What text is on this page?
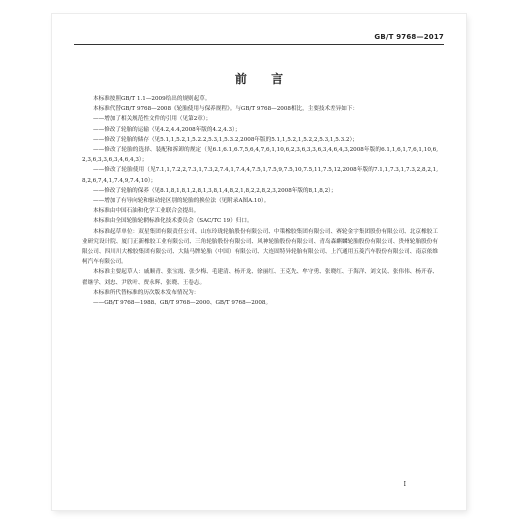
GB/T 9768—2017
前 言

本标准按照GB/T 1.1—2009给出的规则起草。

本标准代替GB/T 9768—2008《轮胎使用与保养规程》。与GB/T 9768—2008相比，主要技术差异如下：

——增加了相关规范性文件的引用（见第2章）；

——修改了轮胎的运输（见4.2,4.4,2008年版的4.2,4.3）；

——修改了轮胎的储存（见5.1,1,5.2,1,5.2.2,5.3,1,5.3.2,2008年版的5.1,1,5.2,1,5.2,2,5.3,1,5.3.2）；

——修改了轮胎的选择、装配和拆卸的规定（见6.1,6.1,6.7,5,6,4,7,6,1,10,6,2,3,6,3,3,6,3,4,6,4,3,2008年版的6.1,1,6,1,7,6,1,10,6,2,3,6,3,3,6,3,4,6,4,3）；

——修改了轮胎使用（见7.1,1,7.2,2,7.3,1,7.3,2,7.4,1,7.4,4,7.5,1,7.5,9,7.5,10,7.5,11,7.5,12,2008年版的7.1,1,7.3,1,7.3,2,8,2,1,8,2,6,7,4,1,7.4,9,7.4,10）；

——修改了轮胎的保养（见8.1,8,1,8,1,2,8,1,3,8,1,4,8,2,1,8,2,2,8,2,3,2008年版的8,1,8,2）；

——增加了有导向轮和驱动轮区别的轮胎的换位法（见附录A图A.10）。

本标准由中国石油和化学工业联合会提出。

本标准由全国轮胎轮辋标准化技术委员会（SAC/TC 19）归口。

本标准起草单位：双星集团有限责任公司、山东玲珑轮胎股份有限公司、中策橡胶集团有限公司、赛轮金宇集团股份有限公司、北京橡胶工业研究设计院、厦门正新橡胶工业有限公司、三角轮胎股份有限公司、风神轮胎股份有限公司、青岛森麒麟轮胎股份有限公司、贵州轮胎股份有限公司、四川川大橡胶集团有限公司、大陆马牌轮胎（中国）有限公司、大连固特异轮胎有限公司、上汽通用五菱汽车股份有限公司、南京依维柯汽车有限公司。

本标准主要起草人：戚顺青、张宝霞、张少梅、毛建清、杨开龙、徐丽红、王克先、牟守勇、张晓红、于海洋、刘文民、张伟伟、杨开春、翟继学、刘忠、尹欣叶、贾永辉、张晓、王卷志。

本标准所代替标准的历次版本发布情况为：

——GB/T 9768—1988、GB/T 9768—2000、GB/T 9768—2008。

I
